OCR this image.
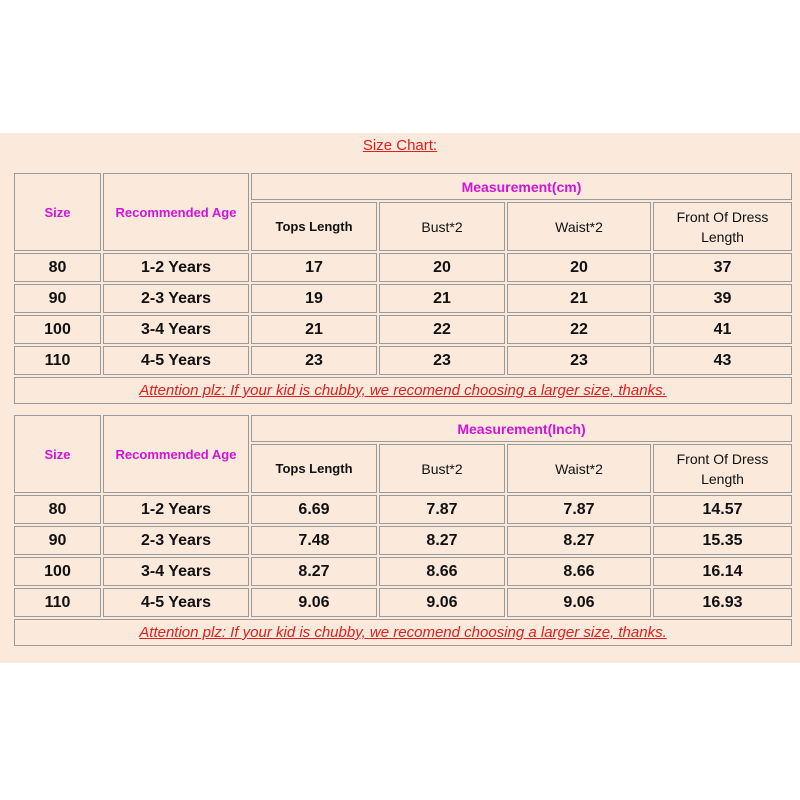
Size Chart:
Size	Recommended Age	Measurement(cm)			
		Tops Length	Bust*2	Waist*2	Front Of Dress Length
80	1-2 Years	17	20	20	37
90	2-3 Years	19	21	21	39
100	3-4 Years	21	22	22	41
110	4-5 Years	23	23	23	43
Attention plz: If your kid is chubby, we recomend choosing a larger size, thanks.					
Size	Recommended Age	Measurement(Inch)			
		Tops Length	Bust*2	Waist*2	Front Of Dress Length
80	1-2 Years	6.69	7.87	7.87	14.57
90	2-3 Years	7.48	8.27	8.27	15.35
100	3-4 Years	8.27	8.66	8.66	16.14
110	4-5 Years	9.06	9.06	9.06	16.93
Attention plz: If your kid is chubby, we recomend choosing a larger size, thanks.					
